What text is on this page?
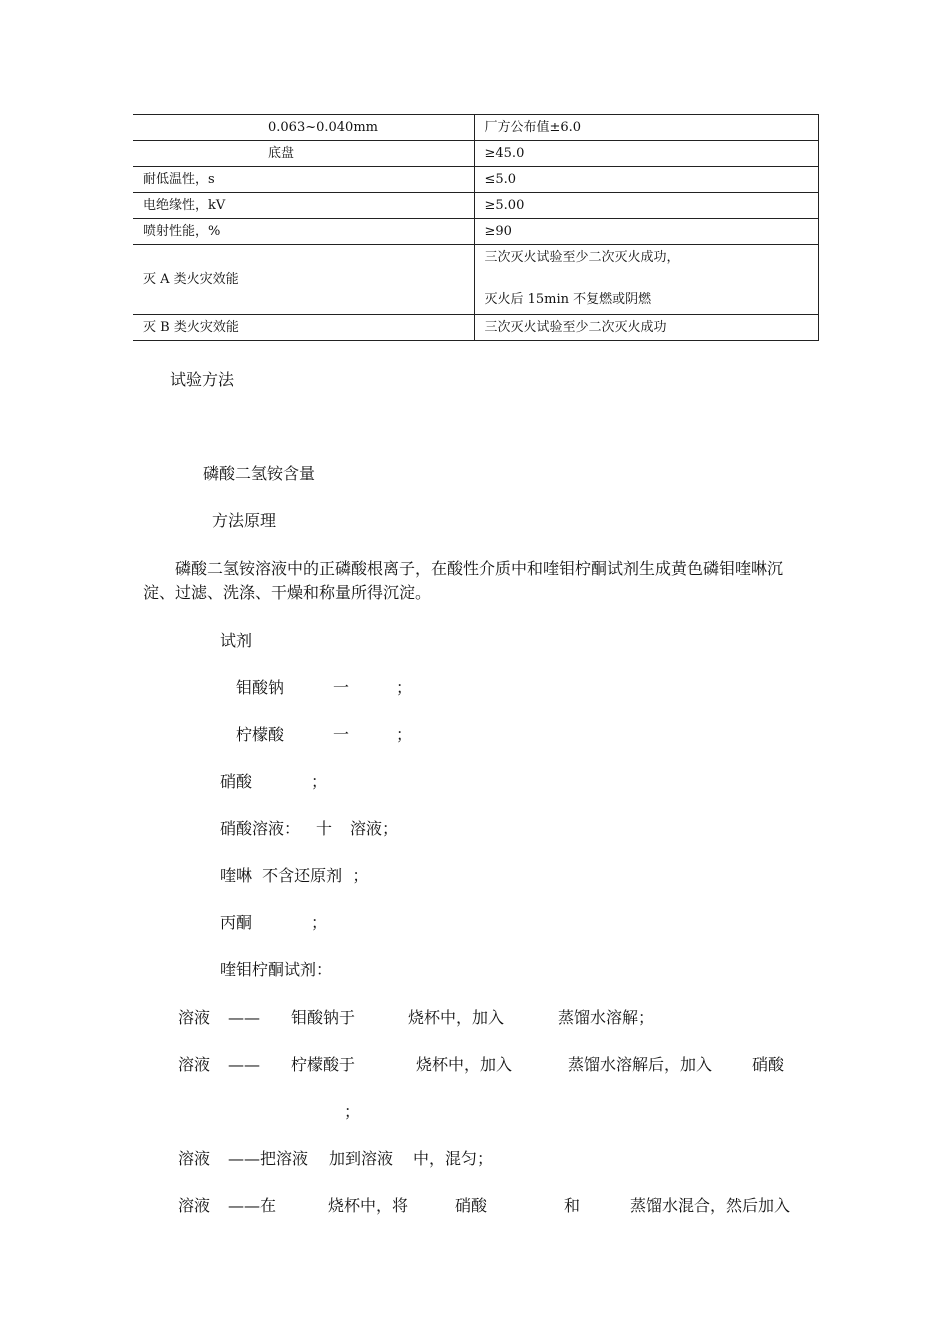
	0.063~0.040mm	厂方公布值±6.0
	底盘	≥45.0
耐低温性，s		≤5.0
电绝缘性，kV		≥5.00
喷射性能，%		≥90
灭 A 类火灾效能		三次灭火试验至少二次灭火成功，
灭火后 15min 不复燃或阴燃

灭 B 类火灾效能		三次灭火试验至少二次灭火成功
试验方法
磷酸二氢铵含量
方法原理
磷酸二氢铵溶液中的正磷酸根离子，在酸性介质中和喹钼柠酮试剂生成黄色磷钼喹啉沉淀、过滤、洗涤、干燥和称量所得沉淀。
试剂
钼酸钠	一	；
柠檬酸	一	；
硝酸	；
硝酸溶液： 十 溶液；
喹啉  不含还原剂  ；
丙酮	；
喹钼柠酮试剂：
溶液 —— 钼酸钠于	烧杯中，加入	蒸馏水溶解；
溶液 —— 柠檬酸于	烧杯中，加入	蒸馏水溶解后，加入 硝酸
；
溶液 ——把溶液 加到溶液 中，混匀；
溶液 ——在	烧杯中，将	硝酸	和	蒸馏水混合，然后加入
